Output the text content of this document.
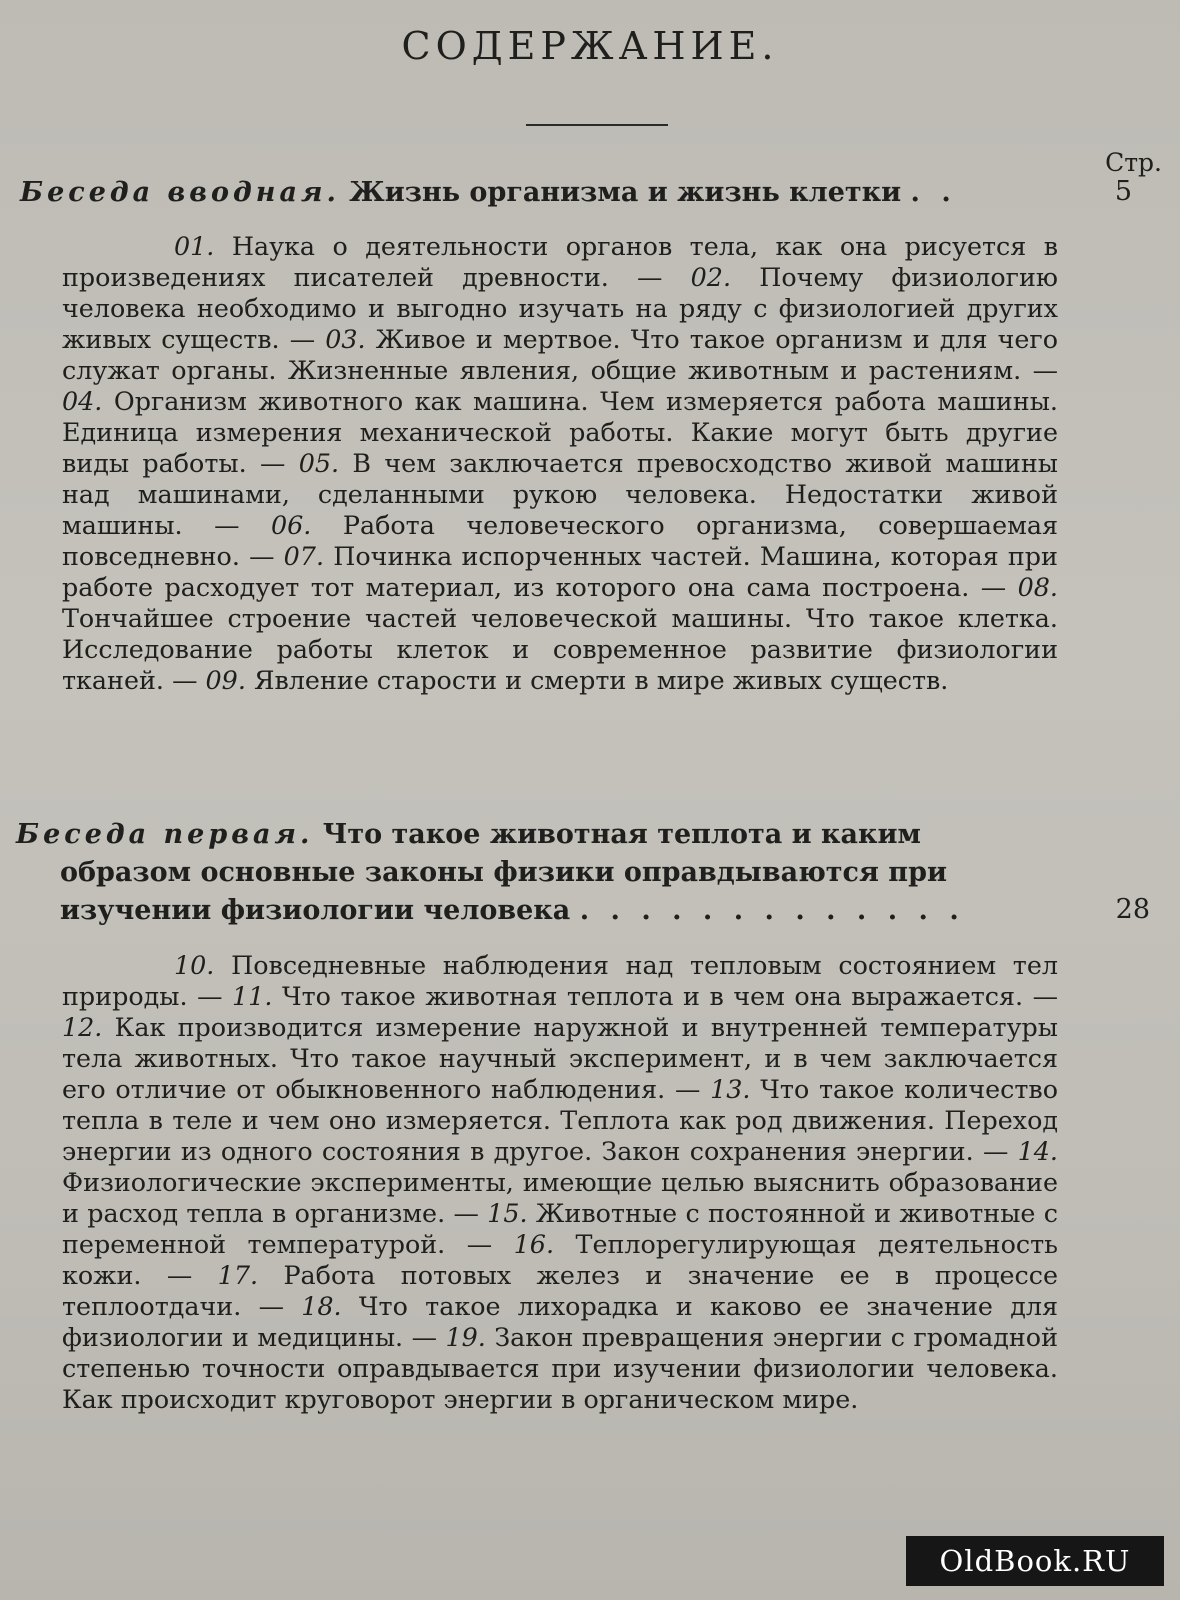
СОДЕРЖАНИЕ.
Стр.
Беседа вводная. Жизнь организма и жизнь клетки . .	5

01. Наука о деятельности органов тела, как она рисуется в произведениях писателей древности. — 02. Почему физиологию человека необходимо и выгодно изучать на ряду с физиологией других живых существ. — 03. Живое и мертвое. Что такое организм и для чего служат органы. Жизненные явления, общие животным и растениям. — 04. Организм животного как машина. Чем измеряется работа машины. Единица измерения механической работы. Какие могут быть другие виды работы. — 05. В чем заключается превосходство живой машины над машинами, сделанными рукою человека. Недостатки живой машины. — 06. Работа человеческого организма, совершаемая повседневно. — 07. Починка испорченных частей. Машина, которая при работе расходует тот материал, из которого она сама построена. — 08. Тончайшее строение частей человеческой машины. Что такое клетка. Исследование работы клеток и современное развитие физиологии тканей. — 09. Явление старости и смерти в мире живых существ.

Беседа первая. Что такое животная теплота и каким
образом основные законы физики оправдываются при
изучении физиологии человека . . . . . . . . . . . . .	28

10. Повседневные наблюдения над тепловым состоянием тел природы. — 11. Что такое животная теплота и в чем она выражается. — 12. Как производится измерение наружной и внутренней температуры тела животных. Что такое научный эксперимент, и в чем заключается его отличие от обыкновенного наблюдения. — 13. Что такое количество тепла в теле и чем оно измеряется. Теплота как род движения. Переход энергии из одного состояния в другое. Закон сохранения энергии. — 14. Физиологические эксперименты, имеющие целью выяснить образование и расход тепла в организме. — 15. Животные с постоянной и животные с переменной температурой. — 16. Теплорегулирующая деятельность кожи. — 17. Работа потовых желез и значение ее в процессе теплоотдачи. — 18. Что такое лихорадка и каково ее значение для физиологии и медицины. — 19. Закон превращения энергии с громадной степенью точности оправдывается при изучении физиологии человека. Как происходит круговорот энергии в органическом мире.

OldBook.RU
